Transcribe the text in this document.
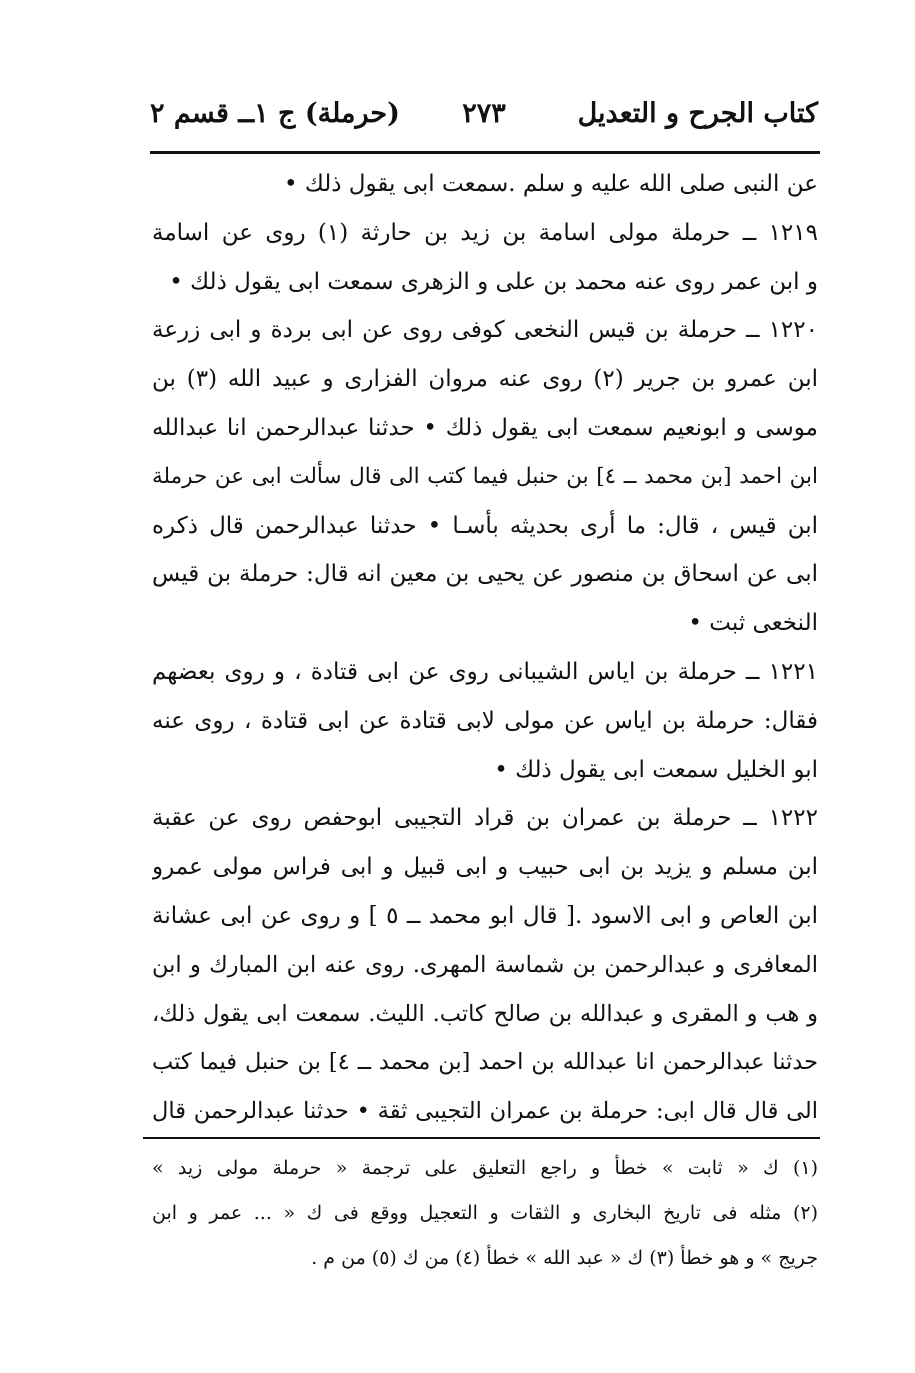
كتاب الجرح و التعديل
٢٧٣
(حرملة) ج ١ــ قسم ٢
عن النبى صلى الله عليه و سلم .سمعت ابى يقول ذلك •
١٢١٩ ــ حرملة مولى اسامة بن زيد بن حارثة (١) روى عن اسامة
و ابن عمر روى عنه محمد بن على و الزهرى سمعت ابى يقول ذلك •
١٢٢٠ ــ حرملة بن قيس النخعى كوفى روى عن ابى بردة و ابى زرعة
ابن عمرو بن جرير (٢) روى عنه مروان الفزارى و عبيد الله (٣) بن
موسى و ابونعيم سمعت ابى يقول ذلك • حدثنا عبدالرحمن انا عبدالله
ابن احمد [بن محمد ــ ٤] بن حنبل فيما كتب الى قال سألت ابى عن حرملة
ابن قيس ، قال: ما أرى بحديثه بأسـا • حدثنا عبدالرحمن قال ذكره
ابى عن اسحاق بن منصور عن يحيى بن معين انه قال: حرملة بن قيس
النخعى ثبت •
١٢٢١ ــ حرملة بن اياس الشيبانى روى عن ابى قتادة ، و روى بعضهم
فقال: حرملة بن اياس عن مولى لابى قتادة عن ابى قتادة ، روى عنه
ابو الخليل سمعت ابى يقول ذلك •
١٢٢٢ ــ حرملة بن عمران بن قراد التجيبى ابوحفص روى عن عقبة
ابن مسلم و يزيد بن ابى حبيب و ابى قبيل و ابى فراس مولى عمرو
ابن العاص و ابى الاسود .[ قال ابو محمد ــ ٥ ] و روى عن ابى عشانة
المعافرى و عبدالرحمن بن شماسة المهرى. روى عنه ابن المبارك و ابن
و هب و المقرى و عبدالله بن صالح كاتب. الليث. سمعت ابى يقول ذلك،
حدثنا عبدالرحمن انا عبدالله بن احمد [بن محمد ــ ٤] بن حنبل فيما كتب
الى قال قال ابى: حرملة بن عمران التجيبى ثقة • حدثنا عبدالرحمن قال
(١) ك « ثابت » خطأ و راجع التعليق على ترجمة « حرملة مولى زيد »
(٢) مثله فى تاريخ البخارى و الثقات و التعجيل ووقع فى ك « ... عمر و ابن
جريج » و هو خطأ (٣) ك « عبد الله » خطأ (٤) من ك (٥) من م .
